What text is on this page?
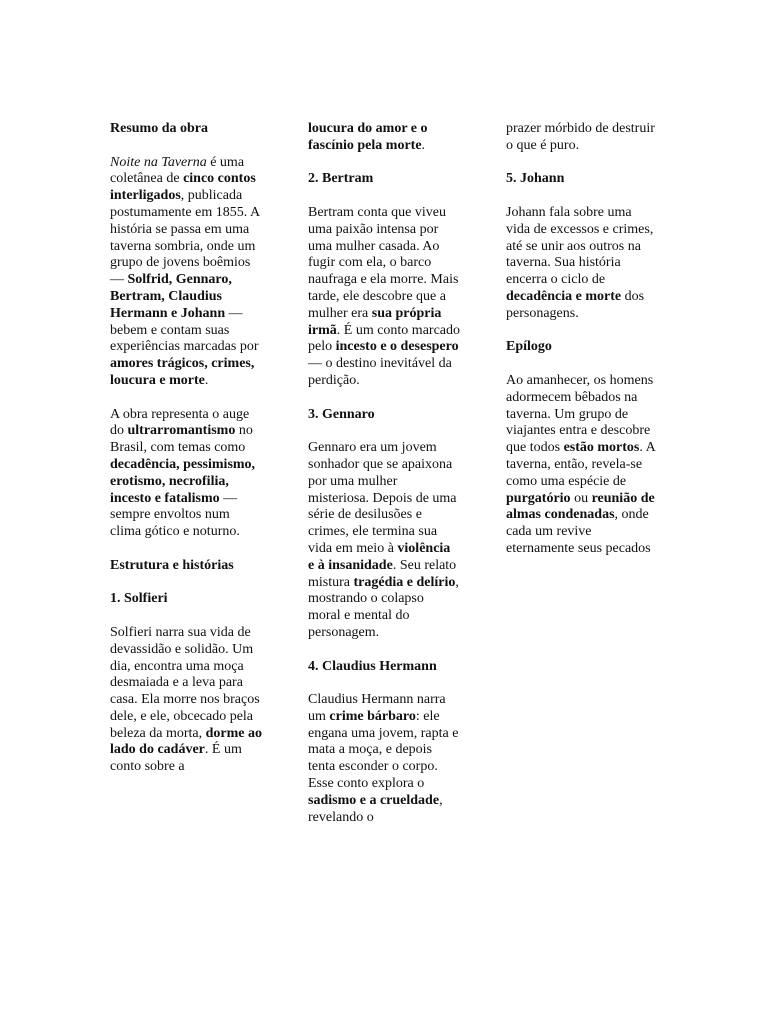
Resumo da obra

Noite na Taverna é uma coletânea de cinco contos interligados, publicada postumamente em 1855. A história se passa em uma taverna sombria, onde um grupo de jovens boêmios — Solfrid, Gennaro, Bertram, Claudius Hermann e Johann — bebem e contam suas experiências marcadas por amores trágicos, crimes, loucura e morte.

A obra representa o auge do ultrarromantismo no Brasil, com temas como decadência, pessimismo, erotismo, necrofilia, incesto e fatalismo — sempre envoltos num clima gótico e noturno.

Estrutura e histórias
1. Solfieri

Solfieri narra sua vida de devassidão e solidão. Um dia, encontra uma moça desmaiada e a leva para casa. Ela morre nos braços dele, e ele, obcecado pela beleza da morta, dorme ao lado do cadáver. É um conto sobre a

loucura do amor e o fascínio pela morte.

2. Bertram

Bertram conta que viveu uma paixão intensa por uma mulher casada. Ao fugir com ela, o barco naufraga e ela morre. Mais tarde, ele descobre que a mulher era sua própria irmã. É um conto marcado pelo incesto e o desespero — o destino inevitável da perdição.

3. Gennaro

Gennaro era um jovem sonhador que se apaixona por uma mulher misteriosa. Depois de uma série de desilusões e crimes, ele termina sua vida em meio à violência e à insanidade. Seu relato mistura tragédia e delírio, mostrando o colapso moral e mental do personagem.

4. Claudius Hermann

Claudius Hermann narra um crime bárbaro: ele engana uma jovem, rapta e mata a moça, e depois tenta esconder o corpo. Esse conto explora o sadismo e a crueldade, revelando o

prazer mórbido de destruir o que é puro.

5. Johann

Johann fala sobre uma vida de excessos e crimes, até se unir aos outros na taverna. Sua história encerra o ciclo de decadência e morte dos personagens.

Epílogo

Ao amanhecer, os homens adormecem bêbados na taverna. Um grupo de viajantes entra e descobre que todos estão mortos. A taverna, então, revela-se como uma espécie de purgatório ou reunião de almas condenadas, onde cada um revive eternamente seus pecados
